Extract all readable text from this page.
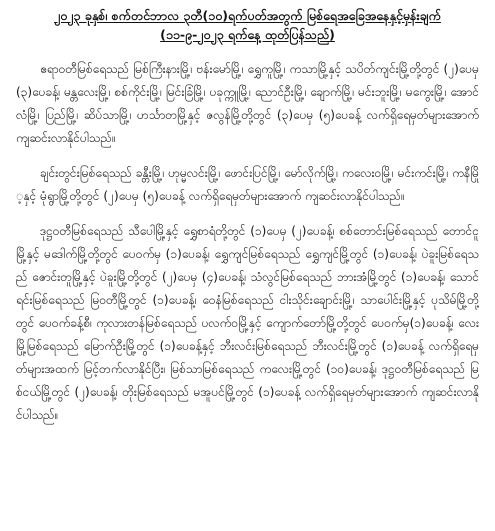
၂၀၂၃ ခုနှစ်၊ စက်တင်ဘာလ ၃တီ(၁၀)ရက်ပတ်အတွက် မြစ်ရေအခြေအနေနှင့်မှန်းချက်

(၁၁-၉-၂၀၂၃ ရက်နေ့ ထုတ်ပြန်သည်)

ဧရာဝတီမြစ်ရေသည် မြစ်ကြီးနားမြို့၊ ဗန်းမော်မြို့၊ ရွှေကူမြို့၊ ကသာမြို့နှင့် သပိတ်ကျင်းမြို့တို့တွင် (၂)ပေမှ (၃)ပေခန့်၊ မန္တလေးမြို့၊ စစ်ကိုင်းမြို့၊ မြင်းခြံမြို့၊ ပခုက္ကူမြို့၊ ညောင်ဦးမြို့၊ ချောက်မြို့၊ မင်းဘူးမြို့၊ မကွေးမြို့၊ အောင်လံမြို့၊ ပြည်မြို့၊ ဆိပ်သာမြို့၊ ဟင်္သာတမြို့နှင့် ဇလွန်မြို့တို့တွင် (၃)ပေမှ (၅)ပေခန့် လက်ရှိရေမှတ်များအောက် ကျဆင်းလာနိုင်ပါသည်။

ချင်းတွင်းမြစ်ရေသည် ခန္တီးမြို့၊ ဟုမ္မလင်းမြို့၊ ဖောင်းပြင်မြို့၊ မော်လိုက်မြို့၊ ကလေးဝမြို့၊ မင်းကင်းမြို့၊ ကနီမြို့နှင့် မုံရွာမြို့တို့တွင် (၂)ပေမှ (၅)ပေခန့် လက်ရှိရေမှတ်များအောက် ကျဆင်းလာနိုင်ပါသည်။

ဒုဋ္ဌဝတီမြစ်ရေသည် သီပေါမြို့နှင့် ရွှေစာရံတို့တွင် (၁)ပေမှ (၂)ပေခန့်၊ စစ်တောင်းမြစ်ရေသည် တောင်ငူမြို့နှင့် မဒေါက်မြို့တို့တွင် ပေဝက်မှ (၁)ပေခန့်၊ ရွှေကျင်မြစ်ရေသည် ရွှေကျင်မြို့တွင် (၁)ပေခန့်၊ ပဲခူးမြစ်ရေသည် ဇောင်းတူမြို့နှင့် ပဲခူးမြို့တို့တွင် (၂)ပေမှ (၄)ပေခန့်၊ သံလွင်မြစ်ရေသည် ဘားအံမြို့တွင် (၁)ပေခန့်၊ သောင်ရင်းမြစ်ရေသည် မြဝတီမြို့တွင် (၁)ပေခန့်၊ ဝေနံမြစ်ရေသည် ငါးသိုင်းချောင်းမြို့၊ သာပေါင်းမြို့နှင့် ပုသိမ်မြို့တို့တွင် ပေဝက်ခန့်စီ၊ ကုလားတန်မြစ်ရေသည် ပလက်ဝမြို့နှင့် ကျောက်တော်မြို့တို့တွင် ပေဝက်မှ(၁)ပေခန့်၊ လေးမြို့မြစ်ရေသည် မြောက်ဦးမြို့တွင် (၁)ပေခန့်နှင့် ဘီးလင်းမြစ်ရေသည် ဘီးလင်းမြို့တွင် (၁)ပေခန့် လက်ရှိရေမှတ်များအထက် မြင့်တက်လာနိုင်ပြီး၊ မြစ်သာမြစ်ရေသည် ကလေးမြို့တွင် (၁၀)ပေခန့်၊ ဒုဋ္ဌဝတီမြစ်ရေသည် မြစ်ငယ်မြို့တွင် (၂)ပေခန့်၊ တိုးမြစ်ရေသည် မအူပင်မြို့တွင် (၁)ပေခန့် လက်ရှိရေမှတ်များအောက် ကျဆင်းလာနိုင်ပါသည်။
